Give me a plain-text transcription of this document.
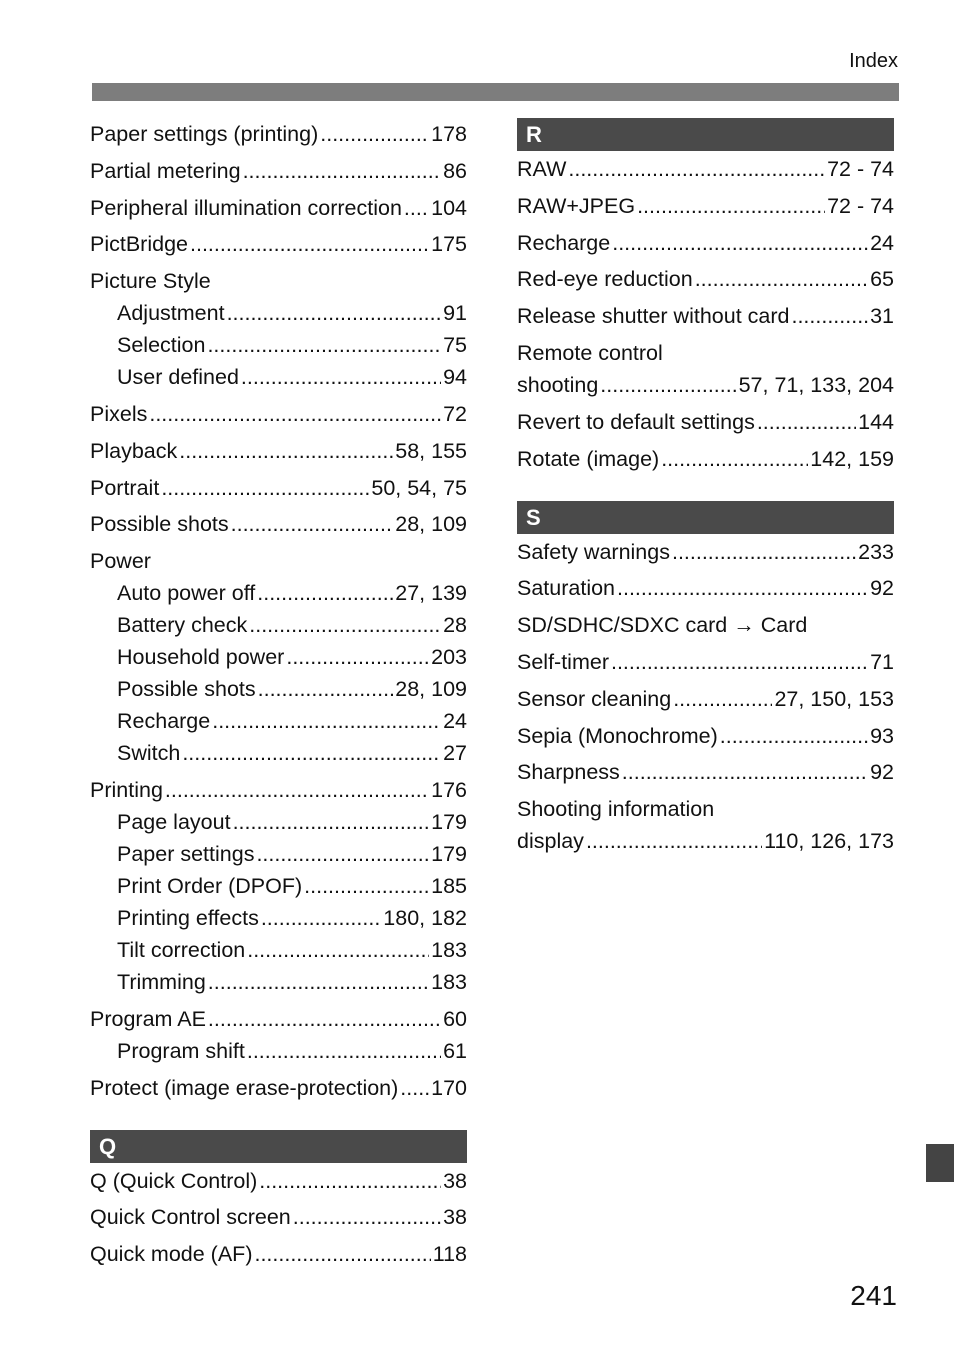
Index
Paper settings (printing) .....	178
Partial metering .....	86
Peripheral illumination correction ..... 104
PictBridge .....	175
Picture Style
Adjustment .....	91
Selection .....	75
User defined .....	94
Pixels .....	72
Playback .....	58, 155
Portrait .....	50, 54, 75
Possible shots .....	28, 109
Power
Auto power off .....	27, 139
Battery check .....	28
Household power .....	203
Possible shots .....	28, 109
Recharge .....	24
Switch .....	27
Printing .....	176
Page layout .....	179
Paper settings .....	179
Print Order (DPOF) .....	185
Printing effects .....	180, 182
Tilt correction .....	183
Trimming .....	183
Program AE .....	60
Program shift .....	61
Protect (image erase-protection) ..... 170
Q
Q (Quick Control) .....	38
Quick Control screen .....	38
Quick mode (AF) .....	118
R
RAW .....	72 - 74
RAW+JPEG .....	72 - 74
Recharge .....	24
Red-eye reduction .....	65
Release shutter without card .....	31
Remote control
shooting .....	57, 71, 133, 204
Revert to default settings .....	144
Rotate (image) .....	142, 159
S
Safety warnings .....	233
Saturation .....	92
SD/SDHC/SDXC card → Card
Self-timer .....	71
Sensor cleaning .....	27, 150, 153
Sepia (Monochrome) .....	93
Sharpness .....	92
Shooting information
display .....	110, 126, 173
241
